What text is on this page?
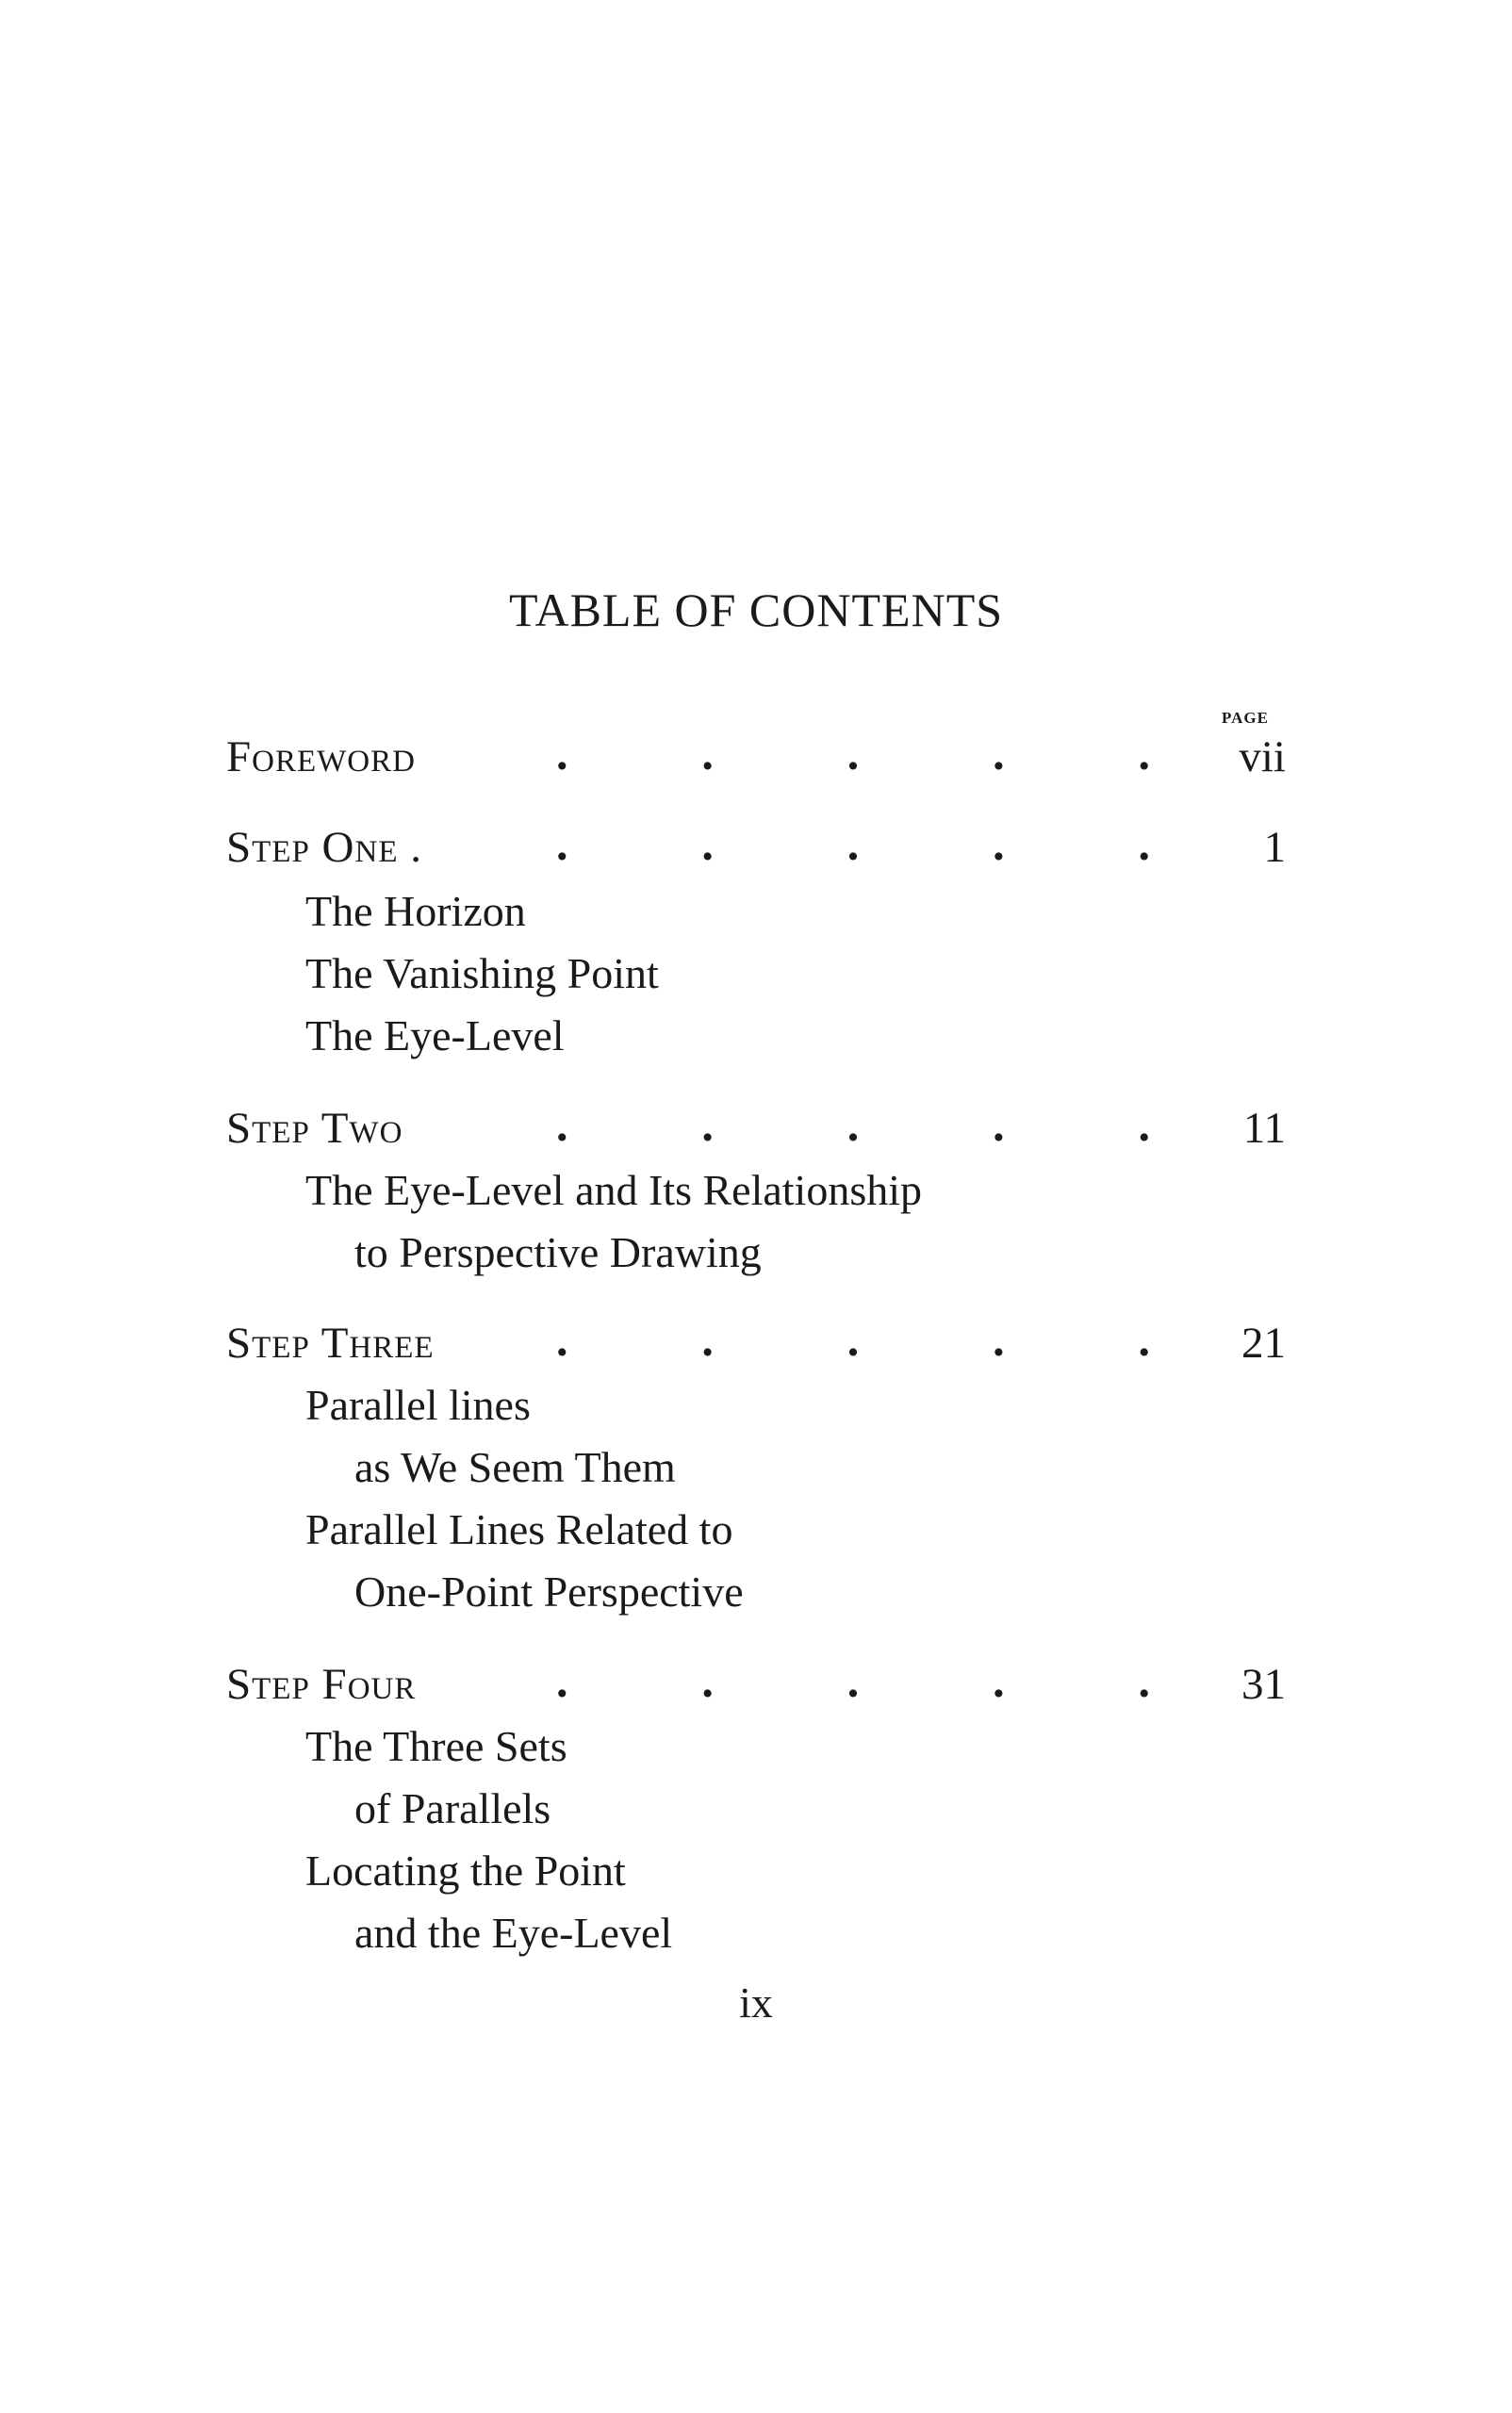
TABLE OF CONTENTS
PAGE
Foreword	.	.	.	.	. vii
Step One .	.	.	.	.	.	1
The Horizon
The Vanishing Point
The Eye-Level
Step Two	.	.	.	.	. 11
The Eye-Level and Its Relationship
to Perspective Drawing
Step Three	.	.	.	.	. 21
Parallel lines
as We Seem Them
Parallel Lines Related to
One-Point Perspective
Step Four	.	.	.	.	. 31
The Three Sets
of Parallels
Locating the Point
and the Eye-Level
ix
